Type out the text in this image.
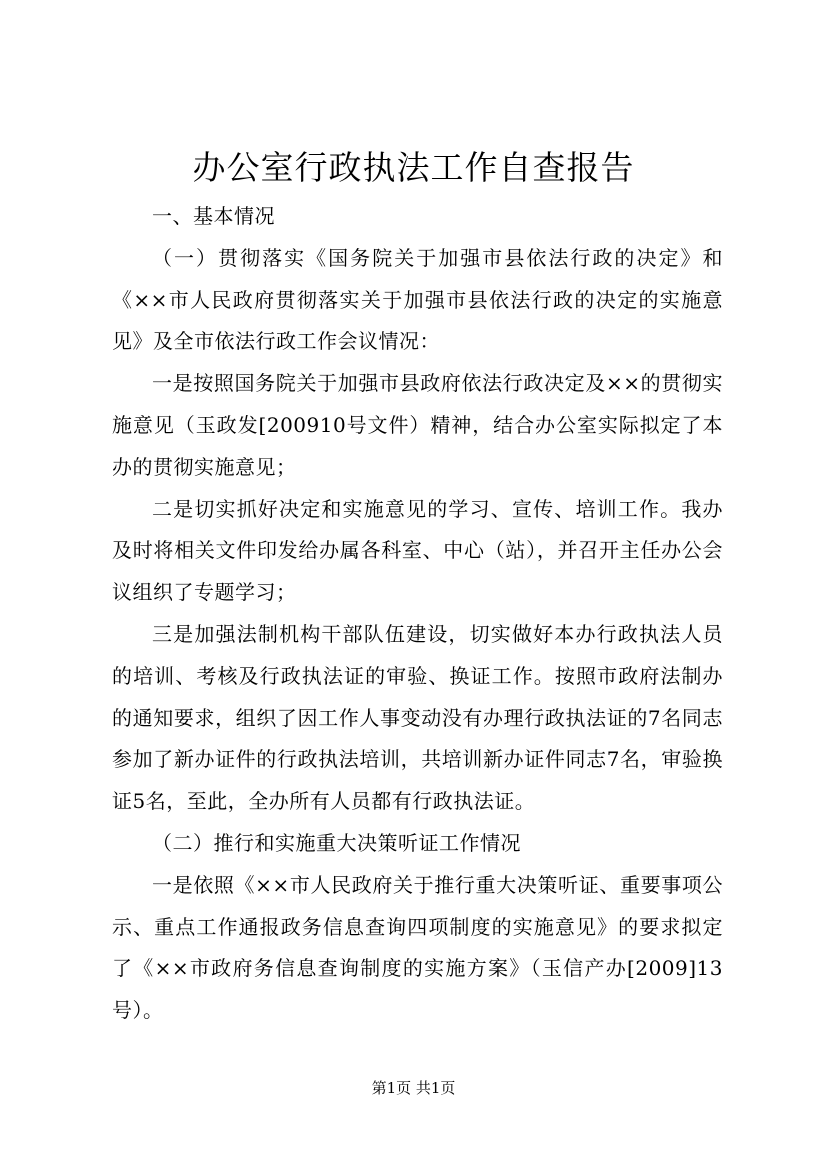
办公室行政执法工作自查报告

一、基本情况

（一）贯彻落实《国务院关于加强市县依法行政的决定》和《××市人民政府贯彻落实关于加强市县依法行政的决定的实施意见》及全市依法行政工作会议情况：

一是按照国务院关于加强市县政府依法行政决定及××的贯彻实施意见（玉政发[200910号文件）精神，结合办公室实际拟定了本办的贯彻实施意见；

二是切实抓好决定和实施意见的学习、宣传、培训工作。我办及时将相关文件印发给办属各科室、中心（站），并召开主任办公会议组织了专题学习；

三是加强法制机构干部队伍建设，切实做好本办行政执法人员的培训、考核及行政执法证的审验、换证工作。按照市政府法制办的通知要求，组织了因工作人事变动没有办理行政执法证的7名同志参加了新办证件的行政执法培训，共培训新办证件同志7名，审验换证5名，至此，全办所有人员都有行政执法证。

（二）推行和实施重大决策听证工作情况

一是依照《××市人民政府关于推行重大决策听证、重要事项公示、重点工作通报政务信息查询四项制度的实施意见》的要求拟定了《××市政府务信息查询制度的实施方案》（玉信产办[2009]13号）。

第1页 共1页
